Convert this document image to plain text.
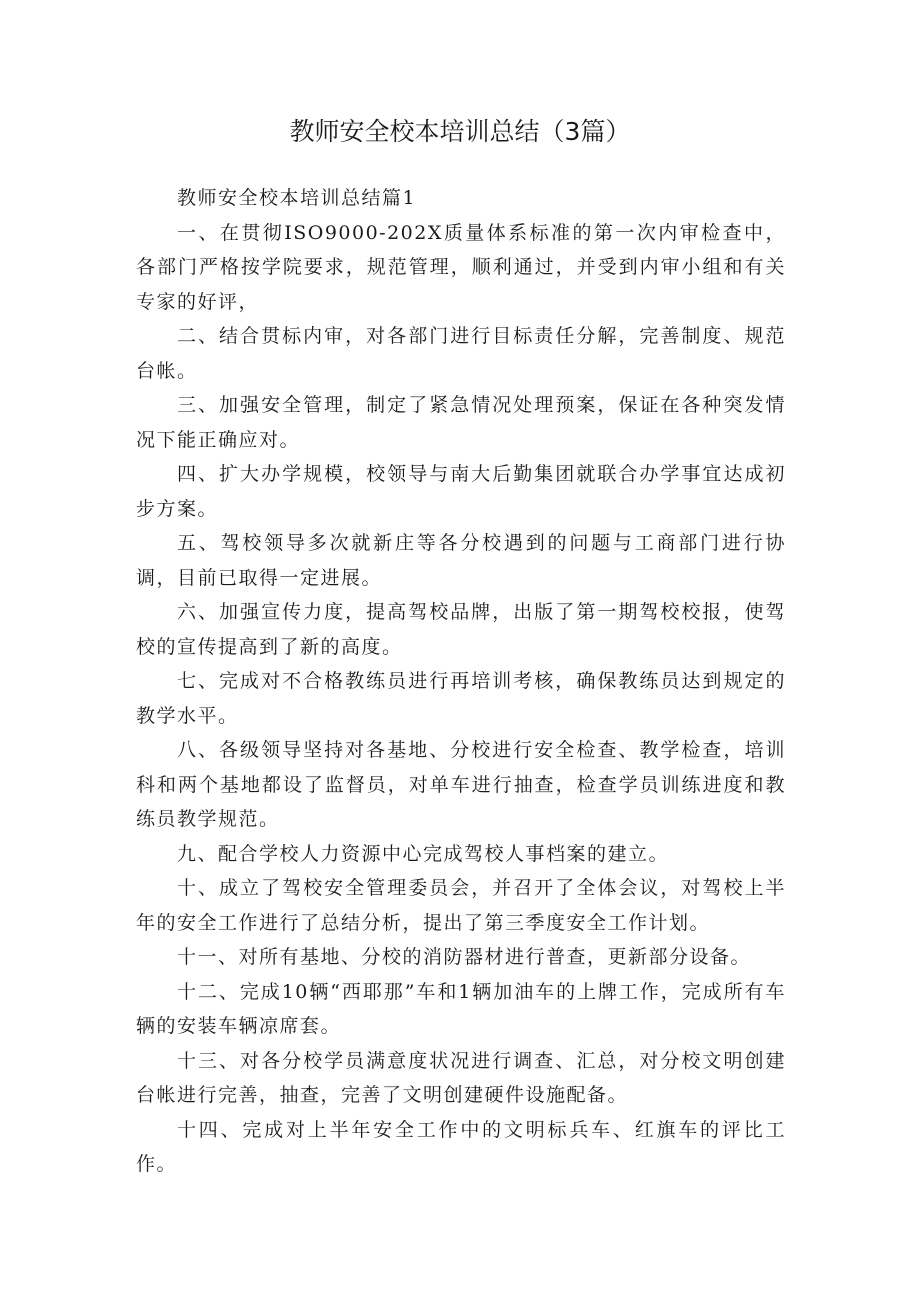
教师安全校本培训总结（3篇）

教师安全校本培训总结篇1

一、在贯彻ISO9000-202X质量体系标准的第一次内审检查中，各部门严格按学院要求，规范管理，顺利通过，并受到内审小组和有关专家的好评，

二、结合贯标内审，对各部门进行目标责任分解，完善制度、规范台帐。

三、加强安全管理，制定了紧急情况处理预案，保证在各种突发情况下能正确应对。

四、扩大办学规模，校领导与南大后勤集团就联合办学事宜达成初步方案。

五、驾校领导多次就新庄等各分校遇到的问题与工商部门进行协调，目前已取得一定进展。

六、加强宣传力度，提高驾校品牌，出版了第一期驾校校报，使驾校的宣传提高到了新的高度。

七、完成对不合格教练员进行再培训考核，确保教练员达到规定的教学水平。

八、各级领导坚持对各基地、分校进行安全检查、教学检查，培训科和两个基地都设了监督员，对单车进行抽查，检查学员训练进度和教练员教学规范。

九、配合学校人力资源中心完成驾校人事档案的建立。

十、成立了驾校安全管理委员会，并召开了全体会议，对驾校上半年的安全工作进行了总结分析，提出了第三季度安全工作计划。

十一、对所有基地、分校的消防器材进行普查，更新部分设备。

十二、完成10辆“西耶那”车和1辆加油车的上牌工作，完成所有车辆的安装车辆凉席套。

十三、对各分校学员满意度状况进行调查、汇总，对分校文明创建台帐进行完善，抽查，完善了文明创建硬件设施配备。

十四、完成对上半年安全工作中的文明标兵车、红旗车的评比工作。
